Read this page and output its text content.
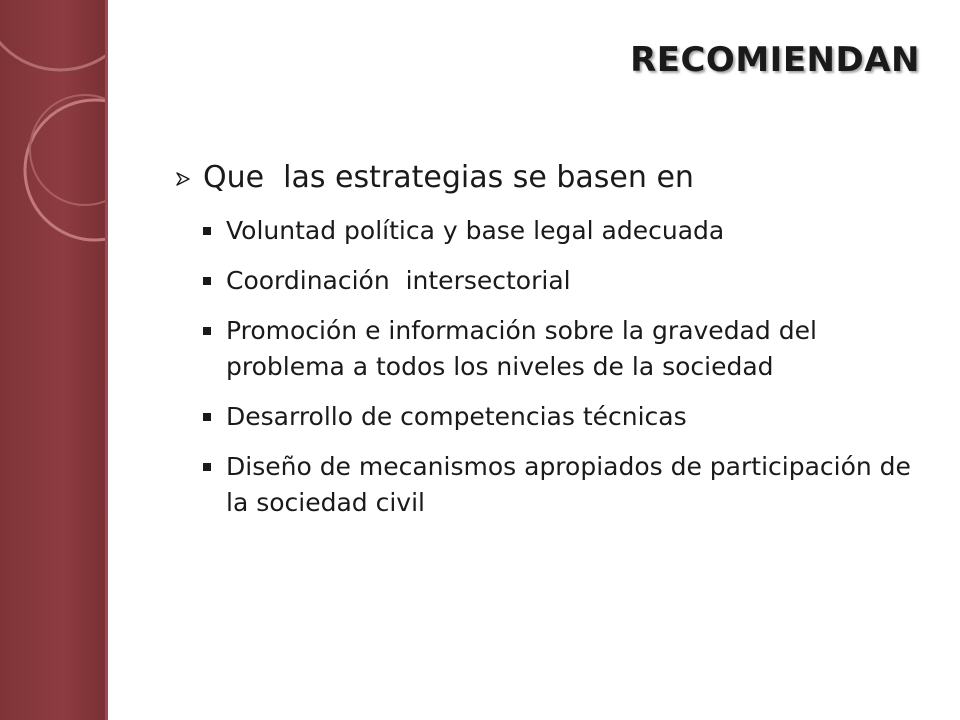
RECOMIENDAN
Que  las estrategias se basen en
Voluntad política y base legal adecuada
Coordinación  intersectorial
Promoción e información sobre la gravedad del problema a todos los niveles de la sociedad
Desarrollo de competencias técnicas
Diseño de mecanismos apropiados de participación de la sociedad civil
